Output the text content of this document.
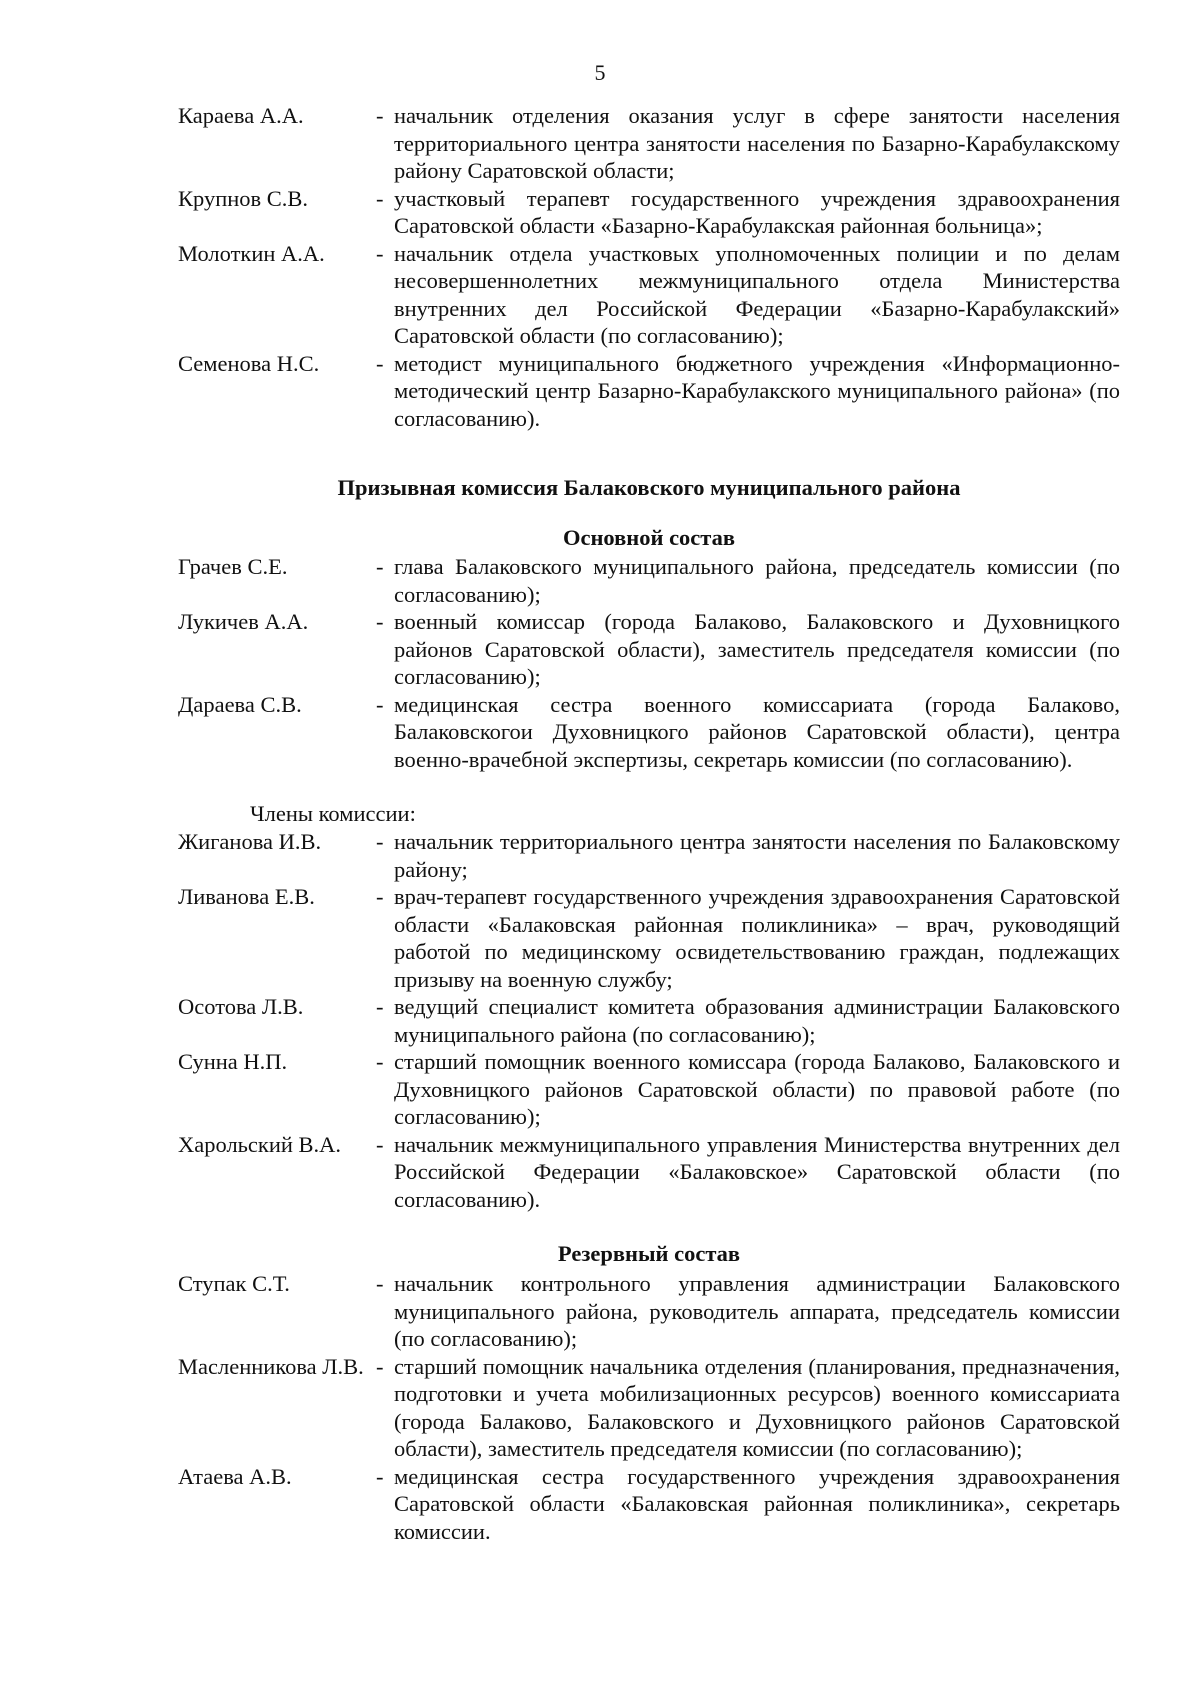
5
Караева А.А.	- начальник отделения оказания услуг в сфере занятости населения территориального центра занятости населения по Базарно-Карабулакскому району Саратовской области;
Крупнов С.В.	- участковый терапевт государственного учреждения здравоохранения Саратовской области «Базарно-Карабулакская районная больница»;
Молоткин А.А.	- начальник отдела участковых уполномоченных полиции и по делам несовершеннолетних межмуниципального отдела Министерства внутренних дел Российской Федерации «Базарно-Карабулакский» Саратовской области (по согласованию);
Семенова Н.С.	- методист муниципального бюджетного учреждения «Информационно-методический центр Базарно-Карабулакского муниципального района» (по согласованию).
Призывная комиссия Балаковского муниципального района
Основной состав
Грачев С.Е.	- глава Балаковского муниципального района, председатель комиссии (по согласованию);
Лукичев А.А.	- военный комиссар (города Балаково, Балаковского и Духовницкого районов Саратовской области), заместитель председателя комиссии (по согласованию);
Дараева С.В.	- медицинская сестра военного комиссариата (города Балаково, Балаковскогои Духовницкого районов Саратовской области), центра военно-врачебной экспертизы, секретарь комиссии (по согласованию).
Члены комиссии:
Жиганова И.В.	- начальник территориального центра занятости населения по Балаковскому району;
Ливанова Е.В.	- врач-терапевт государственного учреждения здравоохранения Саратовской области «Балаковская районная поликлиника» – врач, руководящий работой по медицинскому освидетельствованию граждан, подлежащих призыву на военную службу;
Осотова Л.В.	- ведущий специалист комитета образования администрации Балаковского муниципального района (по согласованию);
Сунна Н.П.	- старший помощник военного комиссара (города Балаково, Балаковского и Духовницкого районов Саратовской области) по правовой работе (по согласованию);
Харольский В.А.	- начальник межмуниципального управления Министерства внутренних дел Российской Федерации «Балаковское» Саратовской области (по согласованию).
Резервный состав
Ступак С.Т.	- начальник контрольного управления администрации Балаковского муниципального района, руководитель аппарата, председатель комиссии (по согласованию);
Масленникова Л.В. - старший помощник начальника отделения (планирования, предназначения, подготовки и учета мобилизационных ресурсов) военного комиссариата (города Балаково, Балаковского и Духовницкого районов Саратовской области), заместитель председателя комиссии (по согласованию);
Атаева А.В.	- медицинская сестра государственного учреждения здравоохранения Саратовской области «Балаковская районная поликлиника», секретарь комиссии.
